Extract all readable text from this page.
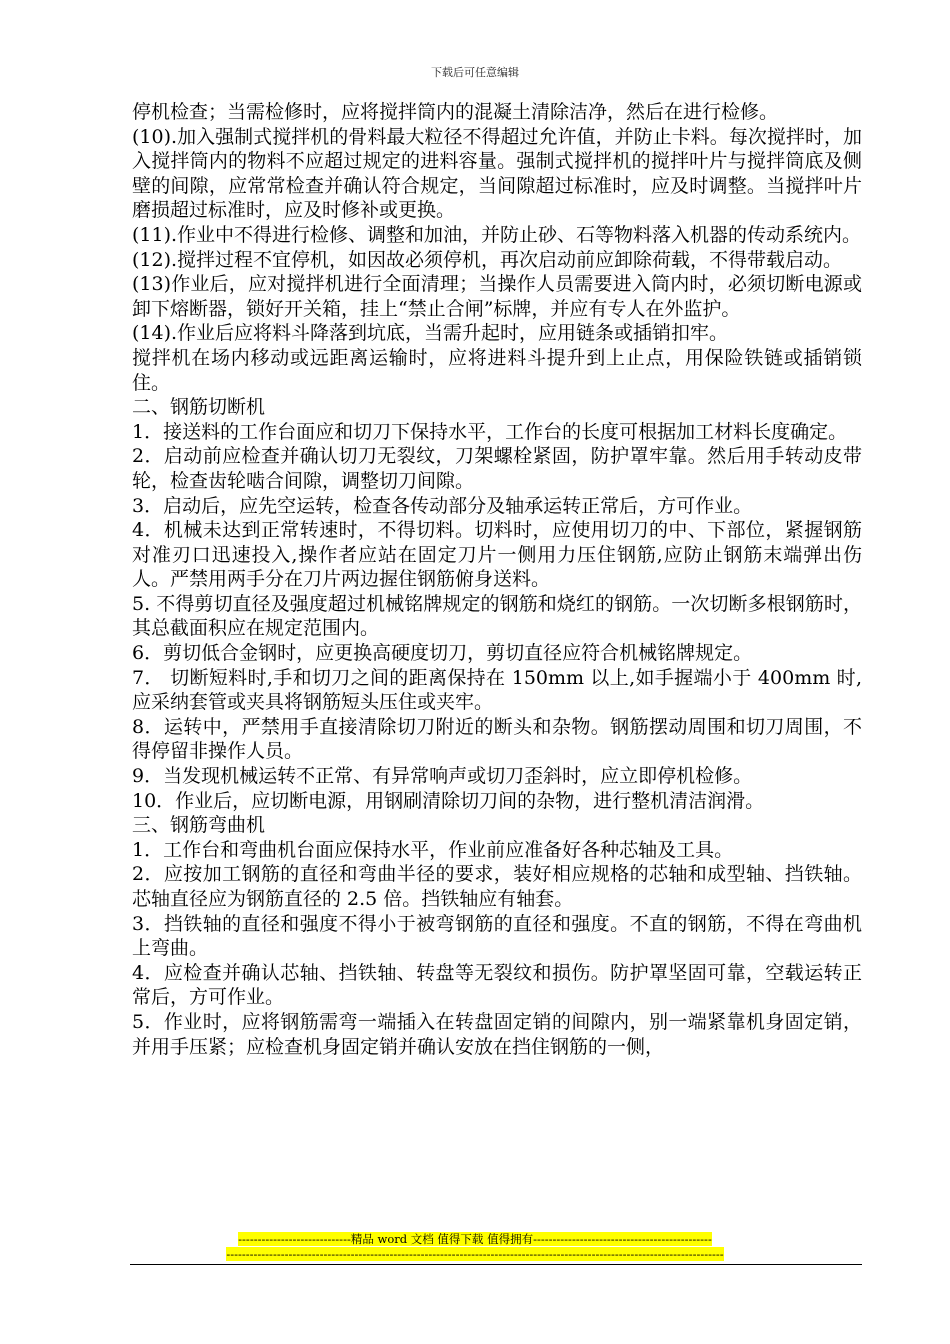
下载后可任意编辑

停机检查；当需检修时，应将搅拌筒内的混凝土清除洁净，然后在进行检修。

(10).加入强制式搅拌机的骨料最大粒径不得超过允许值，并防止卡料。每次搅拌时，加入搅拌筒内的物料不应超过规定的进料容量。强制式搅拌机的搅拌叶片与搅拌筒底及侧壁的间隙，应常常检查并确认符合规定，当间隙超过标准时，应及时调整。当搅拌叶片磨损超过标准时，应及时修补或更换。

(11).作业中不得进行检修、调整和加油，并防止砂、石等物料落入机器的传动系统内。

(12).搅拌过程不宜停机，如因故必须停机，再次启动前应卸除荷载，不得带载启动。

(13)作业后，应对搅拌机进行全面清理；当操作人员需要进入筒内时，必须切断电源或卸下熔断器，锁好开关箱，挂上“禁止合闸”标牌，并应有专人在外监护。

(14).作业后应将料斗降落到坑底，当需升起时，应用链条或插销扣牢。

搅拌机在场内移动或远距离运输时，应将进料斗提升到上止点，用保险铁链或插销锁住。

二、钢筋切断机

1．接送料的工作台面应和切刀下保持水平，工作台的长度可根据加工材料长度确定。

2．启动前应检查并确认切刀无裂纹，刀架螺栓紧固，防护罩牢靠。然后用手转动皮带轮，检查齿轮啮合间隙，调整切刀间隙。

3．启动后，应先空运转，检查各传动部分及轴承运转正常后，方可作业。

4．机械未达到正常转速时，不得切料。切料时，应使用切刀的中、下部位，紧握钢筋对准刃口迅速投入,操作者应站在固定刀片一侧用力压住钢筋,应防止钢筋末端弹出伤人。严禁用两手分在刀片两边握住钢筋俯身送料。

5. 不得剪切直径及强度超过机械铭牌规定的钢筋和烧红的钢筋。一次切断多根钢筋时，其总截面积应在规定范围内。

6．剪切低合金钢时，应更换高硬度切刀，剪切直径应符合机械铭牌规定。

7． 切断短料时,手和切刀之间的距离保持在 150mm 以上,如手握端小于 400mm 时,应采纳套管或夹具将钢筋短头压住或夹牢。

8．运转中，严禁用手直接清除切刀附近的断头和杂物。钢筋摆动周围和切刀周围，不得停留非操作人员。

9．当发现机械运转不正常、有异常响声或切刀歪斜时，应立即停机检修。

10．作业后，应切断电源，用钢刷清除切刀间的杂物，进行整机清洁润滑。

三、钢筋弯曲机

1．工作台和弯曲机台面应保持水平，作业前应准备好各种芯轴及工具。

2．应按加工钢筋的直径和弯曲半径的要求，装好相应规格的芯轴和成型轴、挡铁轴。芯轴直径应为钢筋直径的 2.5 倍。挡铁轴应有轴套。

3．挡铁轴的直径和强度不得小于被弯钢筋的直径和强度。不直的钢筋，不得在弯曲机上弯曲。

4．应检查并确认芯轴、挡铁轴、转盘等无裂纹和损伤。防护罩坚固可靠，空载运转正常后，方可作业。

5．作业时，应将钢筋需弯一端插入在转盘固定销的间隙内，别一端紧靠机身固定销，并用手压紧；应检查机身固定销并确认安放在挡住钢筋的一侧，

-----------------------------精品 word 文档 值得下载 值得拥有----------------------------------------------
--------------------------------------------------------------------------------------------------------------------------------
